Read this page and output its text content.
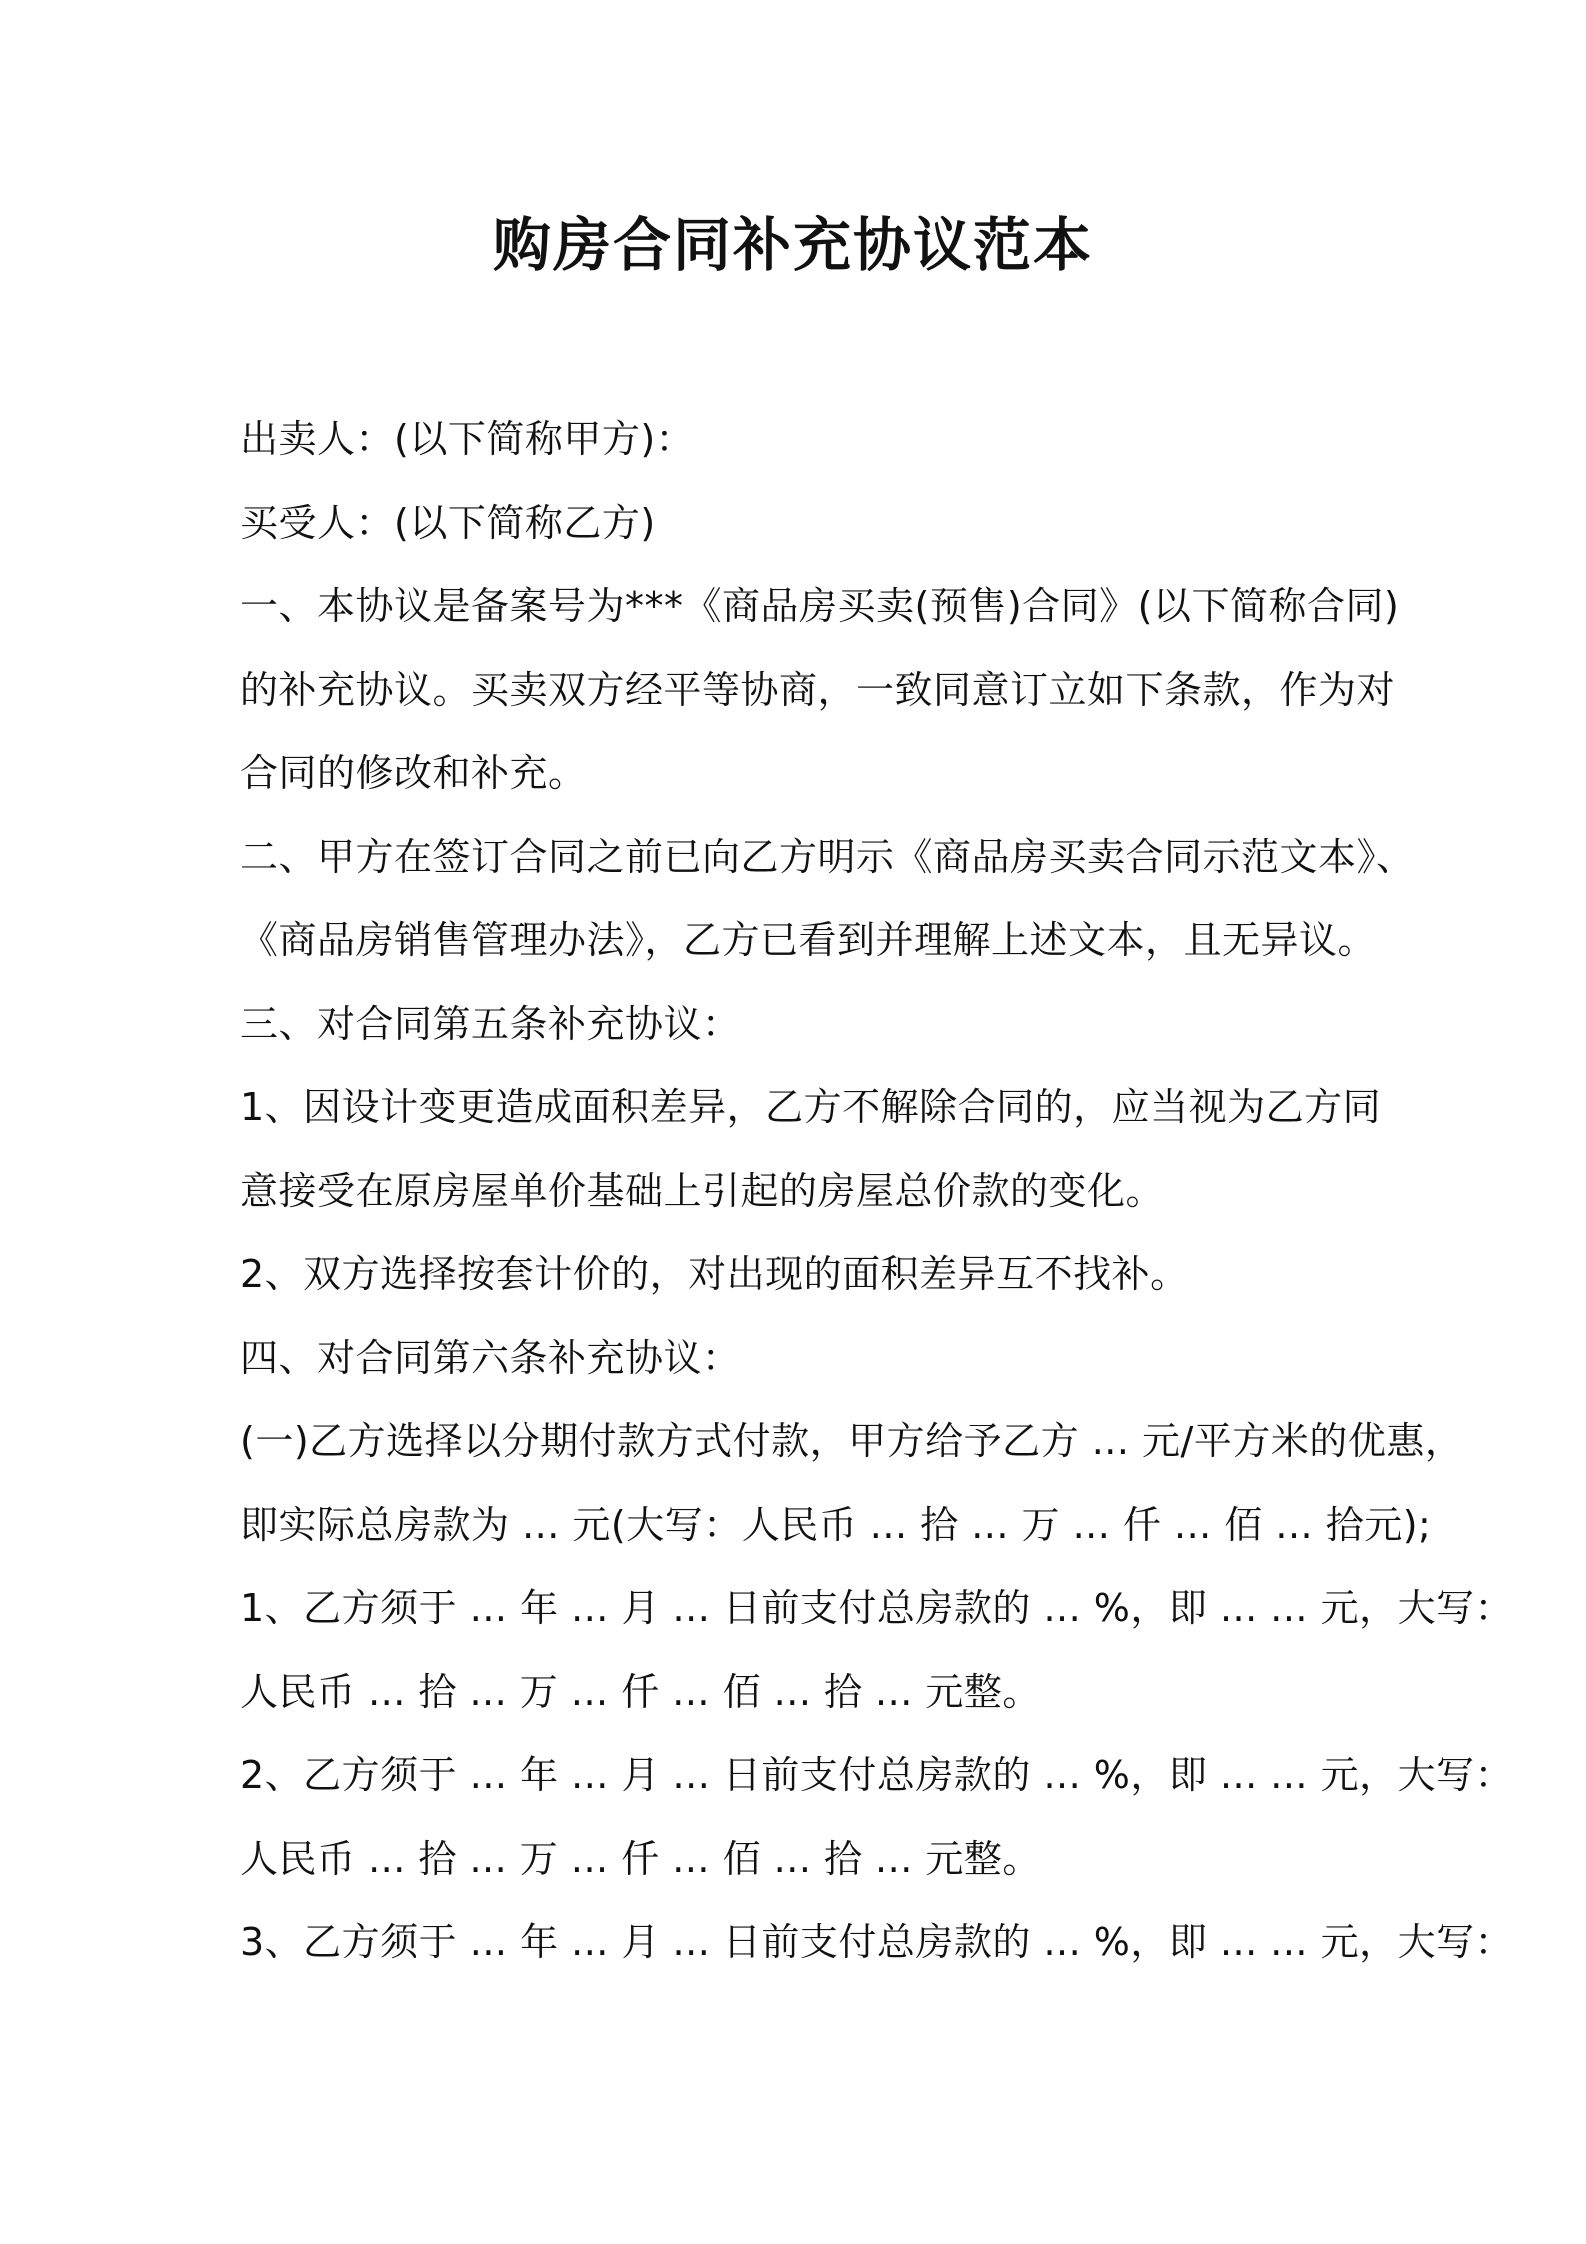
购房合同补充协议范本
出卖人：(以下简称甲方)：
买受人：(以下简称乙方)
一、本协议是备案号为***《商品房买卖(预售)合同》(以下简称合同)
的补充协议。买卖双方经平等协商，一致同意订立如下条款，作为对
合同的修改和补充。
二、甲方在签订合同之前已向乙方明示《商品房买卖合同示范文本》、
《商品房销售管理办法》，乙方已看到并理解上述文本，且无异议。
三、对合同第五条补充协议：
1、因设计变更造成面积差异，乙方不解除合同的，应当视为乙方同
意接受在原房屋单价基础上引起的房屋总价款的变化。
2、双方选择按套计价的，对出现的面积差异互不找补。
四、对合同第六条补充协议：
(一)乙方选择以分期付款方式付款，甲方给予乙方 ... 元/平方米的优惠，
即实际总房款为 ... 元(大写：人民币 ... 拾 ... 万 ... 仟 ... 佰 ... 拾元);
1、乙方须于 ... 年 ... 月 ... 日前支付总房款的 ... %，即 ... ... 元，大写：
人民币 ... 拾 ... 万 ... 仟 ... 佰 ... 拾 ... 元整。
2、乙方须于 ... 年 ... 月 ... 日前支付总房款的 ... %，即 ... ... 元，大写：
人民币 ... 拾 ... 万 ... 仟 ... 佰 ... 拾 ... 元整。
3、乙方须于 ... 年 ... 月 ... 日前支付总房款的 ... %，即 ... ... 元，大写：
